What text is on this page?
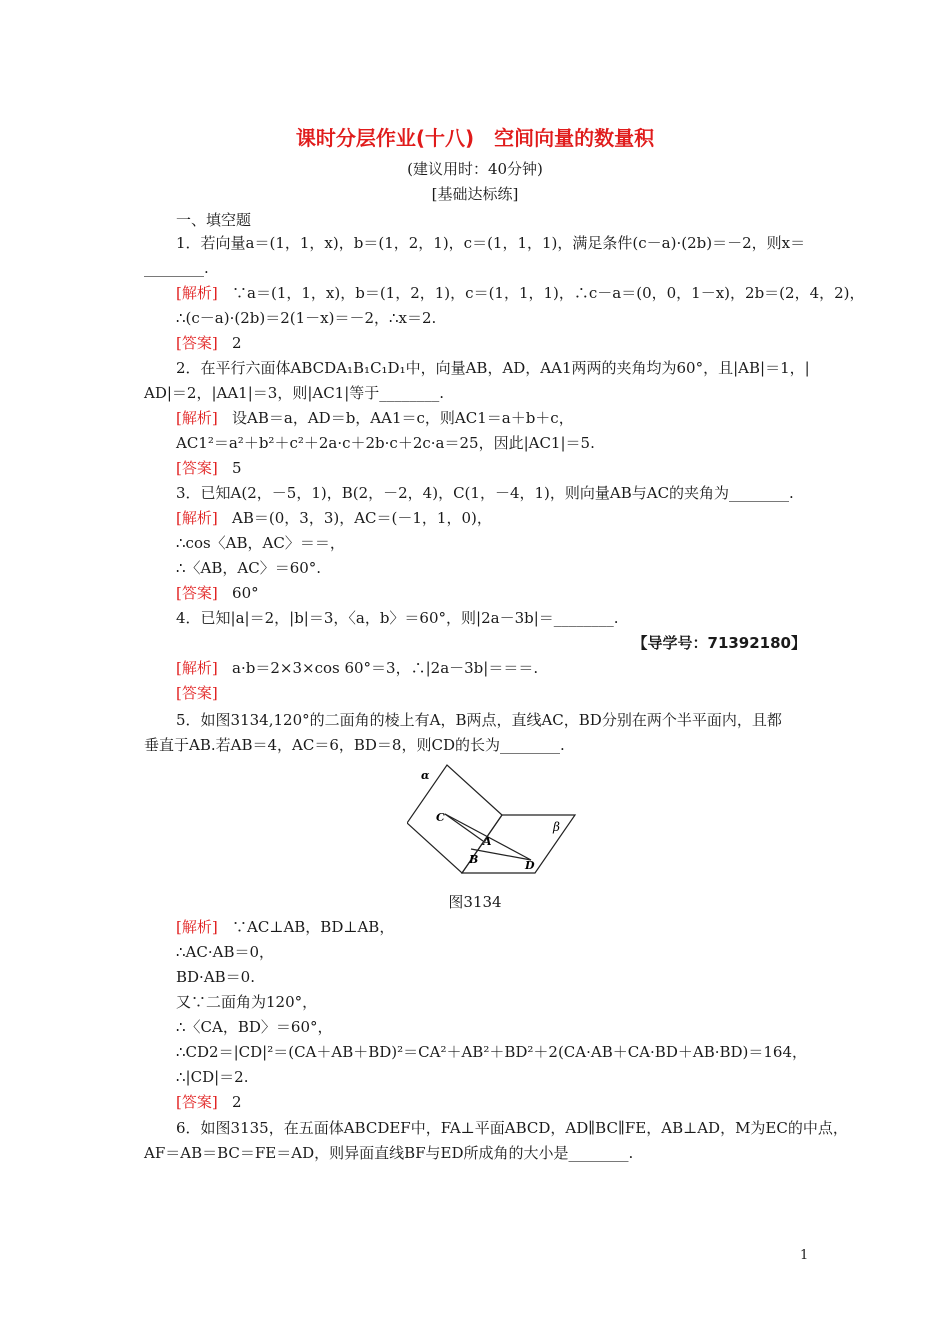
课时分层作业(十八)　空间向量的数量积
(建议用时：40分钟)
[基础达标练]
一、填空题
1．若向量a＝(1，1，x)，b＝(1，2，1)，c＝(1，1，1)，满足条件(c－a)·(2b)＝－2，则x＝
________.
[解析] ∵a＝(1，1，x)，b＝(1，2，1)，c＝(1，1，1)，∴c－a＝(0，0，1－x)，2b＝(2，4，2)，
∴(c－a)·(2b)＝2(1－x)＝－2，∴x＝2.
[答案] 2
2．在平行六面体ABCDA₁B₁C₁D₁中，向量AB，AD，AA1两两的夹角均为60°，且|AB|＝1，|
AD|＝2，|AA1|＝3，则|AC1|等于________.
[解析] 设AB＝a，AD＝b，AA1＝c，则AC1＝a＋b＋c，
AC1²＝a²＋b²＋c²＋2a·c＋2b·c＋2c·a＝25，因此|AC1|＝5.
[答案] 5
3．已知A(2，－5，1)，B(2，－2，4)，C(1，－4，1)，则向量AB与AC的夹角为________.
[解析] AB＝(0，3，3)，AC＝(－1，1，0)，
∴cos〈AB，AC〉＝＝，
∴〈AB，AC〉＝60°.
[答案] 60°
4．已知|a|＝2，|b|＝3，〈a，b〉＝60°，则|2a－3b|＝________.
【导学号：71392180】
[解析] a·b＝2×3×cos 60°＝3，∴|2a－3b|＝＝＝.
[答案]
5．如图3134,120°的二面角的棱上有A，B两点，直线AC，BD分别在两个半平面内，且都
垂直于AB.若AB＝4，AC＝6，BD＝8，则CD的长为________.
α
β
C
A
B	D
图3134
[解析] ∵AC⊥AB，BD⊥AB，
∴AC·AB＝0，
BD·AB＝0.
又∵二面角为120°，
∴〈CA，BD〉＝60°，
∴CD2＝|CD|²＝(CA＋AB＋BD)²＝CA²＋AB²＋BD²＋2(CA·AB＋CA·BD＋AB·BD)＝164，
∴|CD|＝2.
[答案] 2
6．如图3135，在五面体ABCDEF中，FA⊥平面ABCD，AD∥BC∥FE，AB⊥AD，M为EC的中点，
AF＝AB＝BC＝FE＝AD，则异面直线BF与ED所成角的大小是________.
1
